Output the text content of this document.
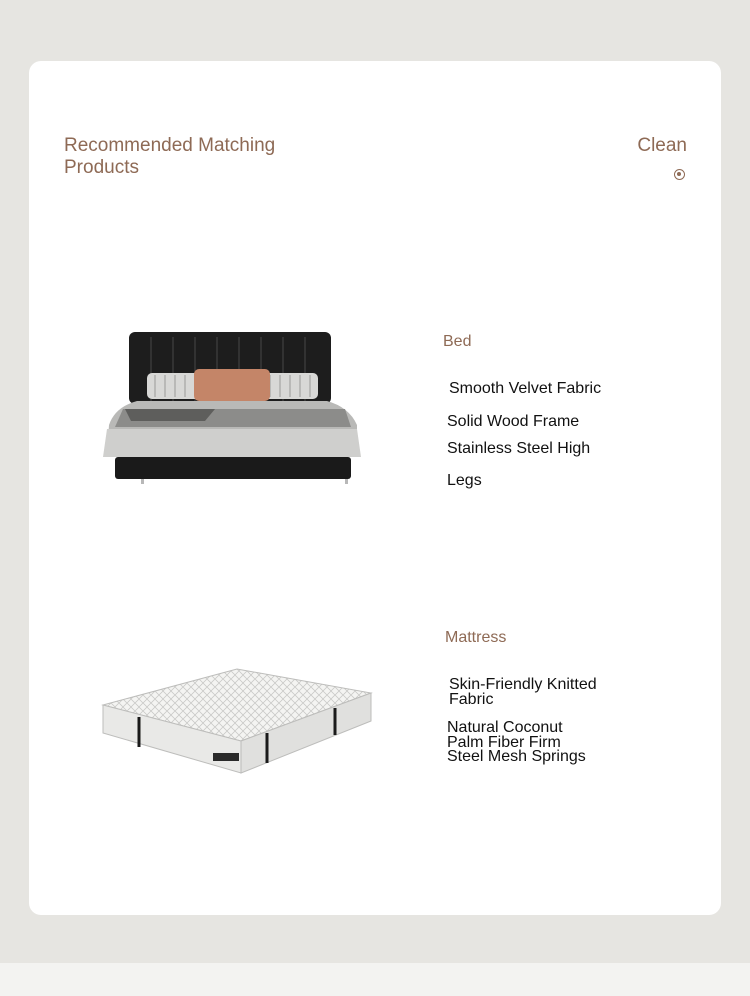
Recommended Matching Products
Clean
Bed
Smooth Velvet Fabric
Solid Wood Frame
Stainless Steel High
Legs
Mattress
Skin-Friendly Knitted Fabric
Natural Coconut Palm Fiber Firm Steel Mesh Springs
